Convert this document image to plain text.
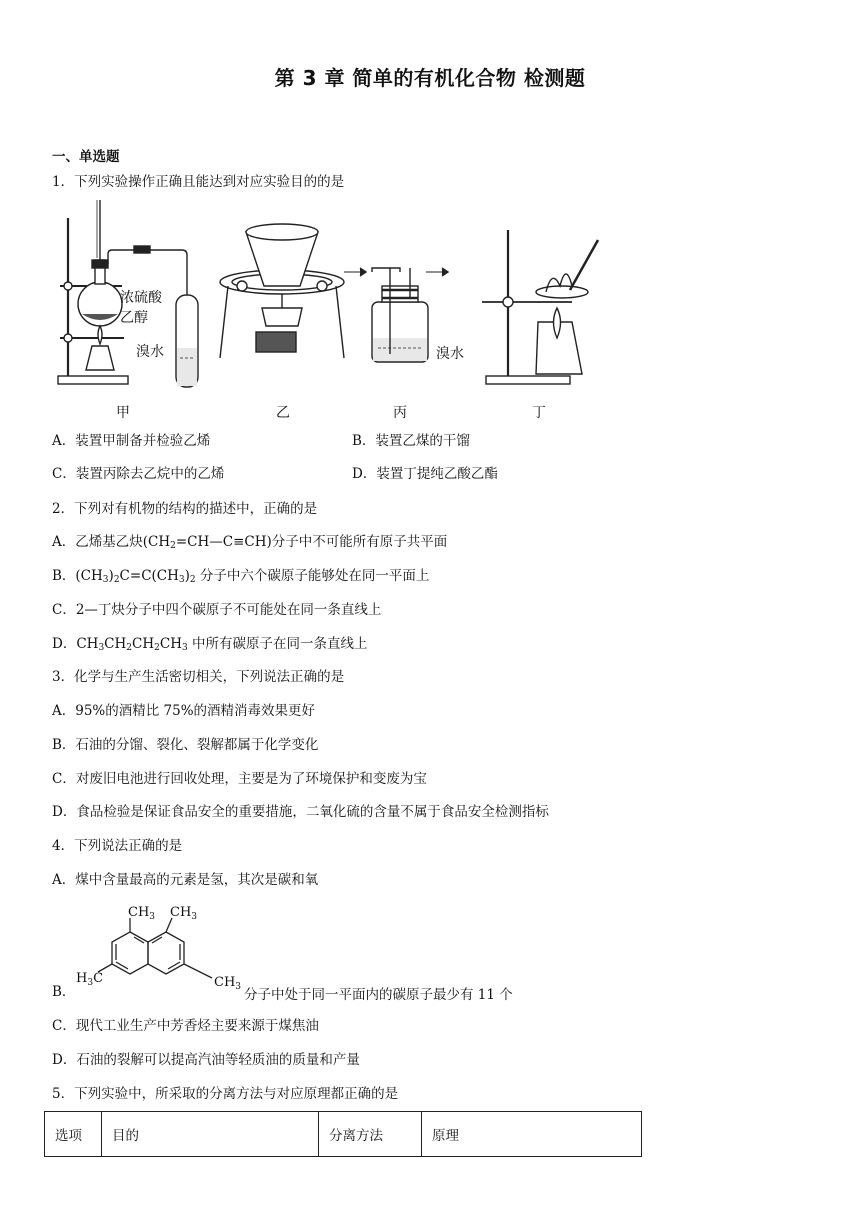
第 3 章 简单的有机化合物 检测题
一、单选题
1．下列实验操作正确且能达到对应实验目的的是
浓硫酸
乙醇
溴水	溴水
甲	乙	丙	丁
A．装置甲制备并检验乙烯	B．装置乙煤的干馏
C．装置丙除去乙烷中的乙烯	D．装置丁提纯乙酸乙酯
2．下列对有机物的结构的描述中，正确的是
A．乙烯基乙炔$(CH_2=CH—C\equiv CH)$分子中不可能所有原子共平面
B．$(CH_3)_2C=C(CH_3)_2$ 分子中六个碳原子能够处在同一平面上
C．2—丁炔分子中四个碳原子不可能处在同一条直线上
D．$CH_3CH_2CH_2CH_3$ 中所有碳原子在同一条直线上
3．化学与生产生活密切相关，下列说法正确的是
A．95%的酒精比 75%的酒精消毒效果更好
B．石油的分馏、裂化、裂解都属于化学变化
C．对废旧电池进行回收处理，主要是为了环境保护和变废为宝
D．食品检验是保证食品安全的重要措施，二氧化硫的含量不属于食品安全检测指标
4．下列说法正确的是
A．煤中含量最高的元素是氢，其次是碳和氧
B．
$CH_3$ $CH_3$
$H_3C$	$CH_3$ 分子中处于同一平面内的碳原子最少有 11 个
C．现代工业生产中芳香烃主要来源于煤焦油
D．石油的裂解可以提高汽油等轻质油的质量和产量
5．下列实验中，所采取的分离方法与对应原理都正确的是
选项	目的	分离方法	原理
